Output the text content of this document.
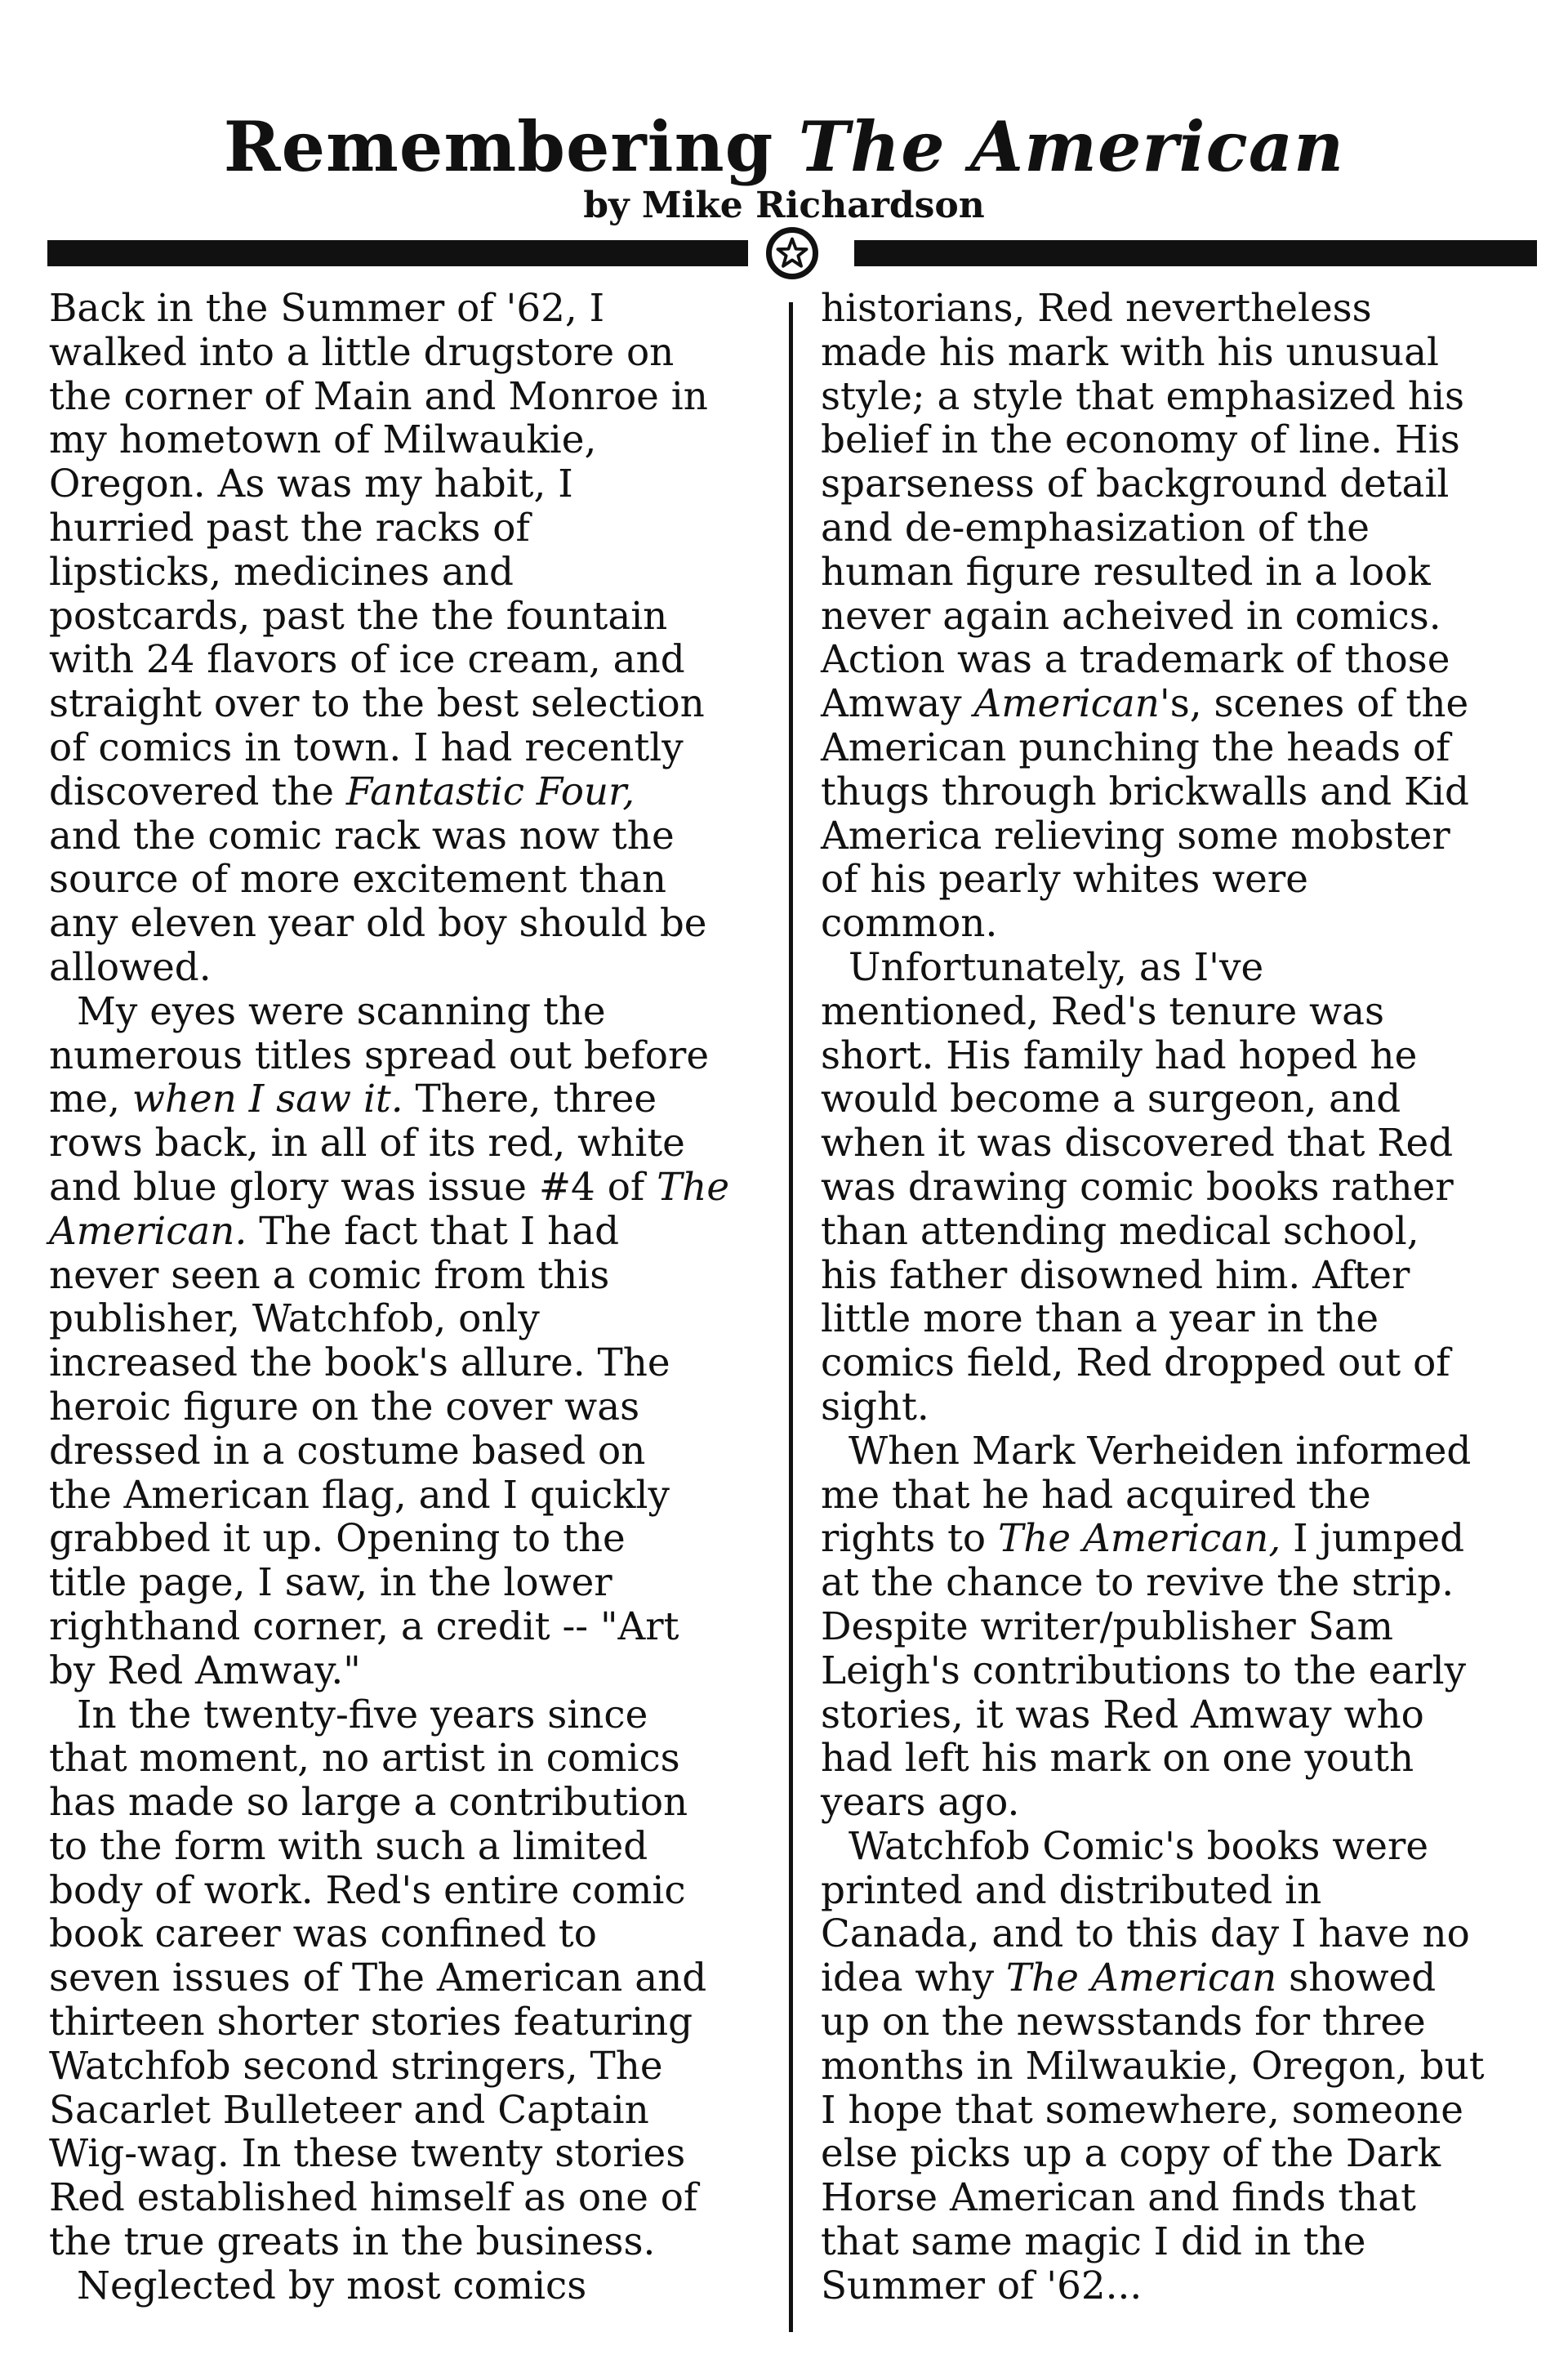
Remembering The American
by Mike Richardson

Back in the Summer of '62, I

walked into a little drugstore on

the corner of Main and Monroe in

my hometown of Milwaukie,

Oregon. As was my habit, I

hurried past the racks of

lipsticks, medicines and

postcards, past the the fountain

with 24 flavors of ice cream, and

straight over to the best selection

of comics in town. I had recently

discovered the Fantastic Four,

and the comic rack was now the

source of more excitement than

any eleven year old boy should be

allowed.

My eyes were scanning the

numerous titles spread out before

me, when I saw it. There, three

rows back, in all of its red, white

and blue glory was issue #4 of The

American. The fact that I had

never seen a comic from this

publisher, Watchfob, only

increased the book's allure. The

heroic figure on the cover was

dressed in a costume based on

the American flag, and I quickly

grabbed it up. Opening to the

title page, I saw, in the lower

righthand corner, a credit -- "Art

by Red Amway."

In the twenty-five years since

that moment, no artist in comics

has made so large a contribution

to the form with such a limited

body of work. Red's entire comic

book career was confined to

seven issues of The American and

thirteen shorter stories featuring

Watchfob second stringers, The

Sacarlet Bulleteer and Captain

Wig-wag. In these twenty stories

Red established himself as one of

the true greats in the business.

Neglected by most comics

historians, Red nevertheless

made his mark with his unusual

style; a style that emphasized his

belief in the economy of line. His

sparseness of background detail

and de-emphasization of the

human figure resulted in a look

never again acheived in comics.

Action was a trademark of those

Amway American's, scenes of the

American punching the heads of

thugs through brickwalls and Kid

America relieving some mobster

of his pearly whites were

common.

Unfortunately, as I've

mentioned, Red's tenure was

short. His family had hoped he

would become a surgeon, and

when it was discovered that Red

was drawing comic books rather

than attending medical school,

his father disowned him. After

little more than a year in the

comics field, Red dropped out of

sight.

When Mark Verheiden informed

me that he had acquired the

rights to The American, I jumped

at the chance to revive the strip.

Despite writer/publisher Sam

Leigh's contributions to the early

stories, it was Red Amway who

had left his mark on one youth

years ago.

Watchfob Comic's books were

printed and distributed in

Canada, and to this day I have no

idea why The American showed

up on the newsstands for three

months in Milwaukie, Oregon, but

I hope that somewhere, someone

else picks up a copy of the Dark

Horse American and finds that

that same magic I did in the

Summer of '62...
